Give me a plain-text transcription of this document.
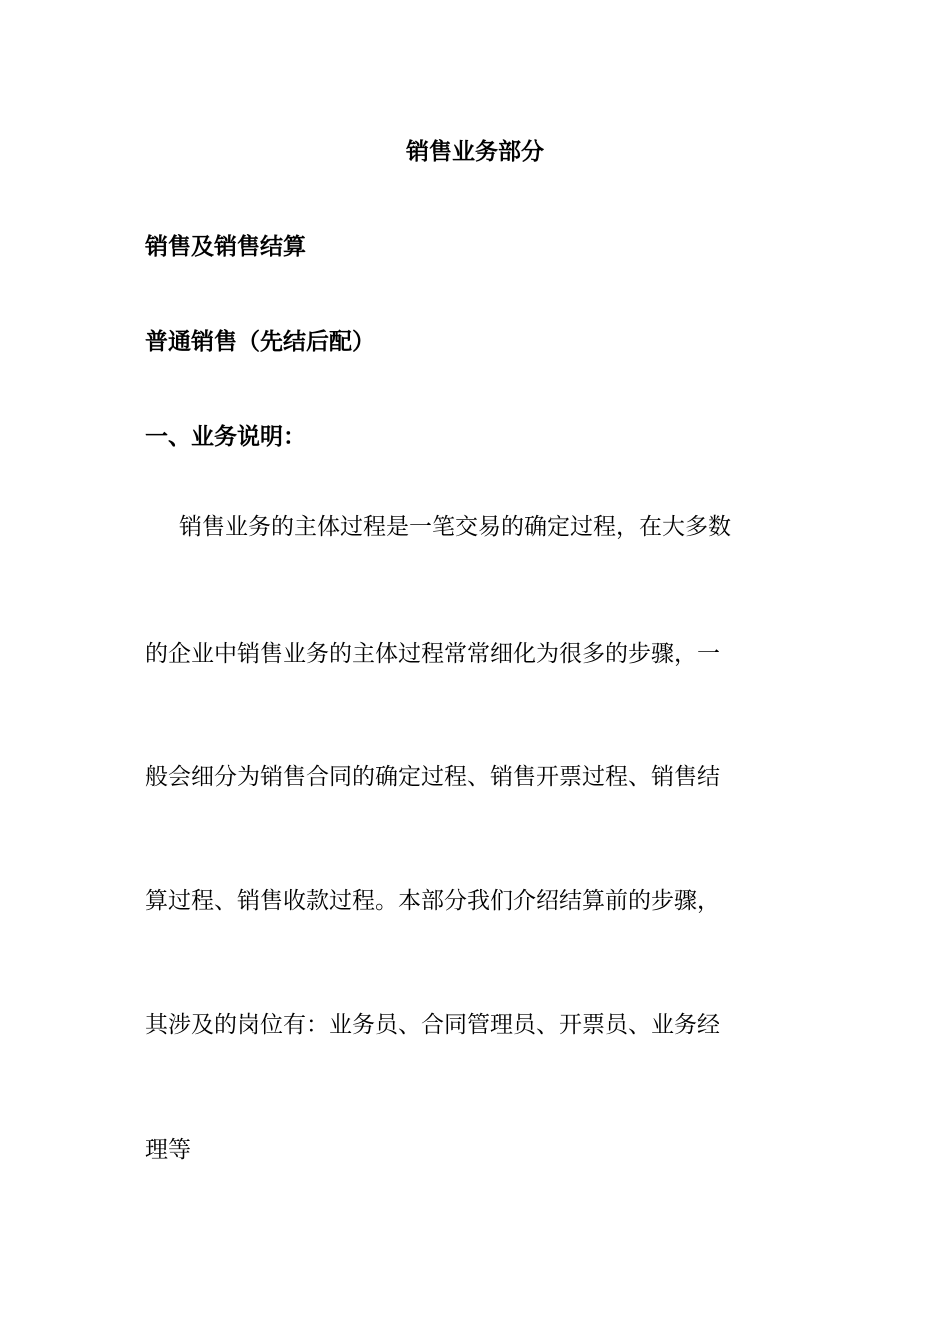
销售业务部分
销售及销售结算
普通销售（先结后配）
一、业务说明：
销售业务的主体过程是一笔交易的确定过程，在大多数
的企业中销售业务的主体过程常常细化为很多的步骤，一
般会细分为销售合同的确定过程、销售开票过程、销售结
算过程、销售收款过程。本部分我们介绍结算前的步骤，
其涉及的岗位有：业务员、合同管理员、开票员、业务经
理等
